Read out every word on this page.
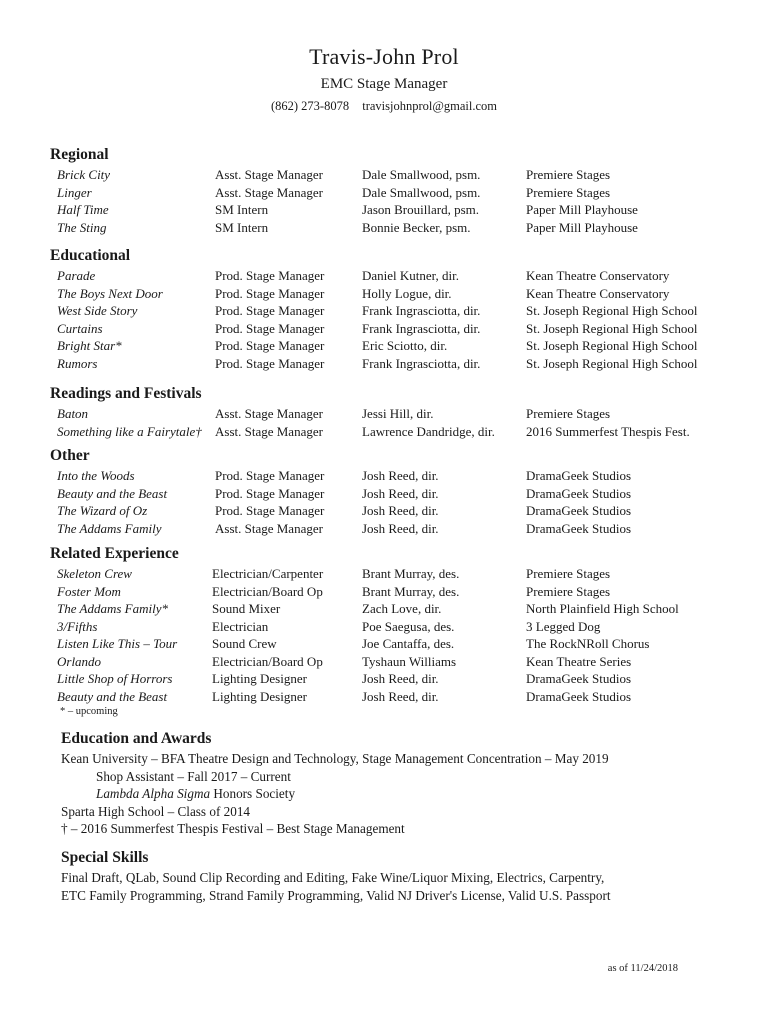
Travis-John Prol
EMC Stage Manager
(862) 273-8078 travisjohnprol@gmail.com
Regional
Brick City	Asst. Stage Manager	Dale Smallwood, psm.	Premiere Stages
Linger	Asst. Stage Manager	Dale Smallwood, psm.	Premiere Stages
Half Time	SM Intern	Jason Brouillard, psm.	Paper Mill Playhouse
The Sting	SM Intern	Bonnie Becker, psm.	Paper Mill Playhouse
Educational
Parade	Prod. Stage Manager	Daniel Kutner, dir.	Kean Theatre Conservatory
The Boys Next Door	Prod. Stage Manager	Holly Logue, dir.	Kean Theatre Conservatory
West Side Story	Prod. Stage Manager	Frank Ingrasciotta, dir.	St. Joseph Regional High School
Curtains	Prod. Stage Manager	Frank Ingrasciotta, dir.	St. Joseph Regional High School
Bright Star*	Prod. Stage Manager	Eric Sciotto, dir.	St. Joseph Regional High School
Rumors	Prod. Stage Manager	Frank Ingrasciotta, dir.	St. Joseph Regional High School
Readings and Festivals
Baton	Asst. Stage Manager	Jessi Hill, dir.	Premiere Stages
Something like a Fairytale†	Asst. Stage Manager	Lawrence Dandridge, dir.	2016 Summerfest Thespis Fest.
Other
Into the Woods	Prod. Stage Manager	Josh Reed, dir.	DramaGeek Studios
Beauty and the Beast	Prod. Stage Manager	Josh Reed, dir.	DramaGeek Studios
The Wizard of Oz	Prod. Stage Manager	Josh Reed, dir.	DramaGeek Studios
The Addams Family	Asst. Stage Manager	Josh Reed, dir.	DramaGeek Studios
Related Experience
Skeleton Crew	Electrician/Carpenter	Brant Murray, des.	Premiere Stages
Foster Mom	Electrician/Board Op	Brant Murray, des.	Premiere Stages
The Addams Family*	Sound Mixer	Zach Love, dir.	North Plainfield High School
3/Fifths	Electrician	Poe Saegusa, des.	3 Legged Dog
Listen Like This – Tour	Sound Crew	Joe Cantaffa, des.	The RockNRoll Chorus
Orlando	Electrician/Board Op	Tyshaun Williams	Kean Theatre Series
Little Shop of Horrors	Lighting Designer	Josh Reed, dir.	DramaGeek Studios
Beauty and the Beast	Lighting Designer	Josh Reed, dir.	DramaGeek Studios
* – upcoming
Education and Awards
Kean University – BFA Theatre Design and Technology, Stage Management Concentration – May 2019
Shop Assistant – Fall 2017 – Current
Lambda Alpha Sigma Honors Society
Sparta High School – Class of 2014
† – 2016 Summerfest Thespis Festival – Best Stage Management
Special Skills
Final Draft, QLab, Sound Clip Recording and Editing, Fake Wine/Liquor Mixing, Electrics, Carpentry,
ETC Family Programming, Strand Family Programming, Valid NJ Driver's License, Valid U.S. Passport
as of 11/24/2018
